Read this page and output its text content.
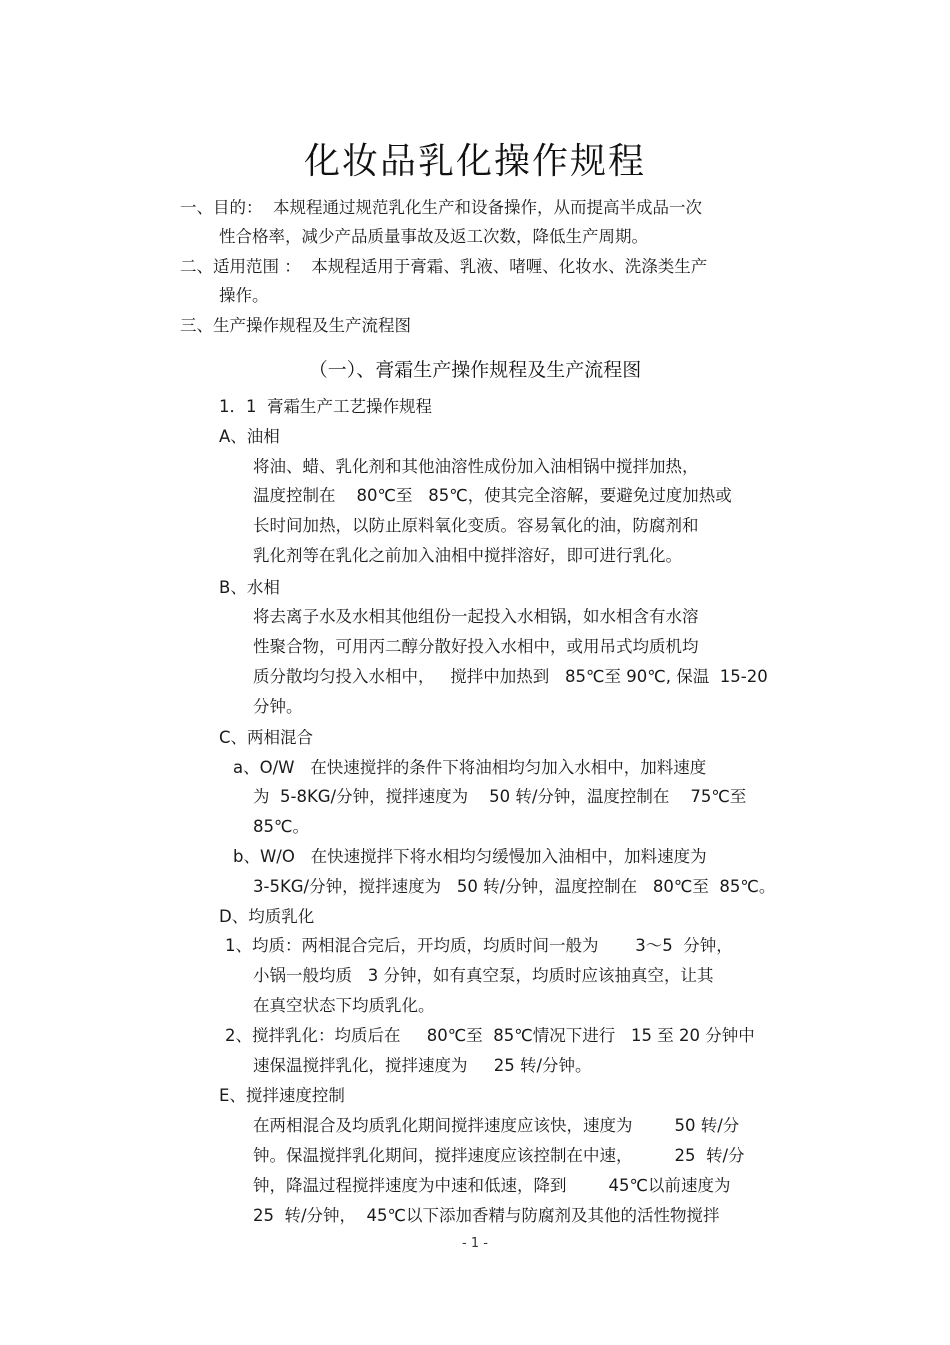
化妆品乳化操作规程
一、目的：  本规程通过规范乳化生产和设备操作，从而提高半成品一次
性合格率，减少产品质量事故及返工次数，降低生产周期。
二、适用范围 ：  本规程适用于膏霜、乳液、啫喱、化妆水、洗涤类生产
操作。
三、生产操作规程及生产流程图
（一）、膏霜生产操作规程及生产流程图
1．1  膏霜生产工艺操作规程
A、油相
将油、蜡、乳化剂和其他油溶性成份加入油相锅中搅拌加热，
温度控制在    80℃至   85℃，使其完全溶解，要避免过度加热或
长时间加热，以防止原料氧化变质。容易氧化的油，防腐剂和
乳化剂等在乳化之前加入油相中搅拌溶好，即可进行乳化。
B、水相
将去离子水及水相其他组份一起投入水相锅，如水相含有水溶
性聚合物，可用丙二醇分散好投入水相中，或用吊式均质机均
质分散均匀投入水相中，   搅拌中加热到   85℃至 90℃, 保温  15-20
分钟。
C、两相混合
a、O/W   在快速搅拌的条件下将油相均匀加入水相中，加料速度
为  5-8KG/分钟，搅拌速度为    50 转/分钟，温度控制在    75℃至
85℃。
b、W/O   在快速搅拌下将水相均匀缓慢加入油相中，加料速度为
3-5KG/分钟，搅拌速度为   50 转/分钟，温度控制在   80℃至  85℃。
D、均质乳化
1、均质：两相混合完后，开均质，均质时间一般为       3～5  分钟，
小锅一般均质   3 分钟，如有真空泵，均质时应该抽真空，让其
在真空状态下均质乳化。
2、搅拌乳化：均质后在     80℃至  85℃情况下进行   15 至 20 分钟中
速保温搅拌乳化，搅拌速度为     25 转/分钟。
E、搅拌速度控制
在两相混合及均质乳化期间搅拌速度应该快，速度为        50 转/分
钟。保温搅拌乳化期间，搅拌速度应该控制在中速，        25  转/分
钟，降温过程搅拌速度为中速和低速，降到        45℃以前速度为
25  转/分钟，  45℃以下添加香精与防腐剂及其他的活性物搅拌
- 1 -
